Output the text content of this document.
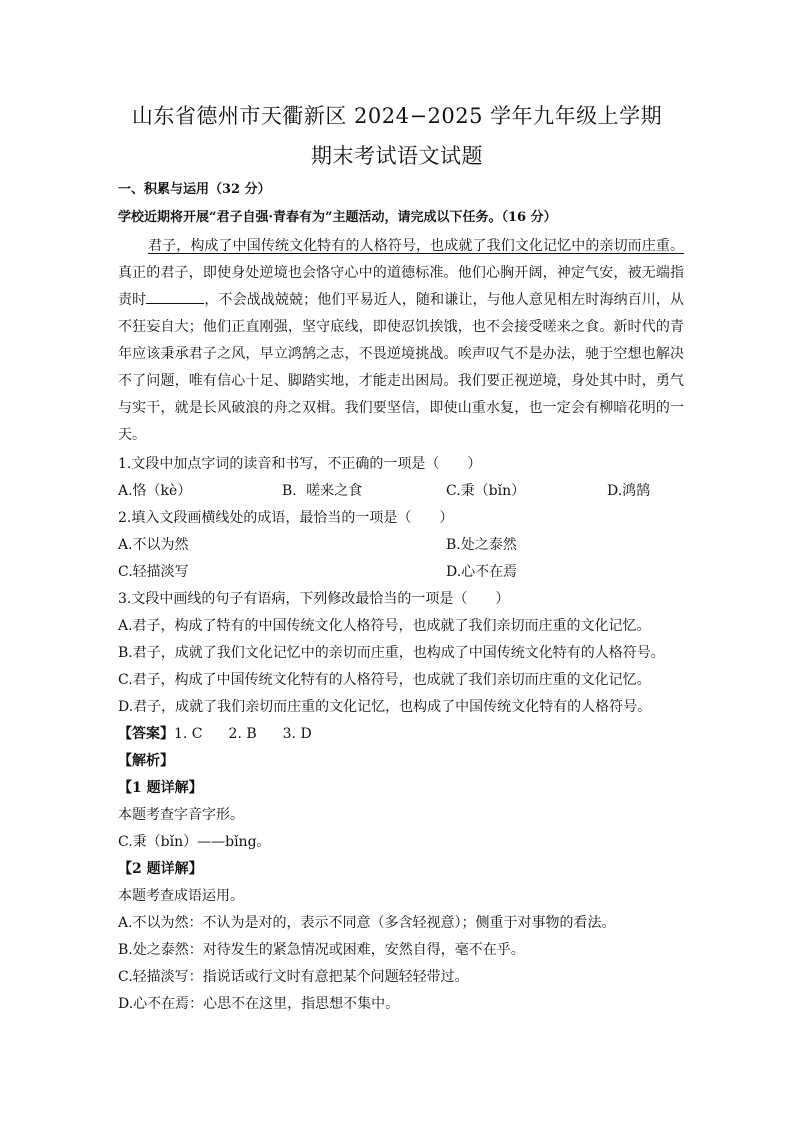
山东省德州市天衢新区 2024−2025 学年九年级上学期
期末考试语文试题
一、积累与运用（32 分）
学校近期将开展“君子自强·青春有为”主题活动，请完成以下任务。（16 分）

君子，构成了中国传统文化特有的人格符号，也成就了我们文化记忆中的亲切而庄重。真正的君子，即使身处逆境也会恪守心中的道德标准。他们心胸开阔，神定气安，被无端指责时	，不会战战兢兢；他们平易近人，随和谦让，与他人意见相左时海纳百川，从不狂妄自大；他们正直刚强，坚守底线，即使忍饥挨饿，也不会接受嗟来之食。新时代的青年应该秉承君子之风，早立鸿鹄之志，不畏逆境挑战。唉声叹气不是办法，驰于空想也解决不了问题，唯有信心十足、脚踏实地，才能走出困局。我们要正视逆境，身处其中时，勇气与实干，就是长风破浪的舟之双楫。我们要坚信，即使山重水复，也一定会有柳暗花明的一天。

1.文段中加点字词的读音和书写，不正确的一项是（　　）
A.恪（kè）	B．嗟来之食	C.秉（bǐn）	D.鸿鹄
2.填入文段画横线处的成语，最恰当的一项是（　　）
A.不以为然	B.处之泰然
C.轻描淡写	D.心不在焉
3.文段中画线的句子有语病，下列修改最恰当的一项是（　　）
A.君子，构成了特有的中国传统文化人格符号，也成就了我们亲切而庄重的文化记忆。
B.君子，成就了我们文化记忆中的亲切而庄重，也构成了中国传统文化特有的人格符号。
C.君子，构成了中国传统文化特有的人格符号，也成就了我们亲切而庄重的文化记忆。
D.君子，成就了我们亲切而庄重的文化记忆，也构成了中国传统文化特有的人格符号。
【答案】1. C 2. B 3. D
【解析】
【1 题详解】
本题考查字音字形。
C.秉（bǐn）——bǐng。
【2 题详解】
本题考查成语运用。
A.不以为然：不认为是对的，表示不同意（多含轻视意）；侧重于对事物的看法。
B.处之泰然：对待发生的紧急情况或困难，安然自得，毫不在乎。
C.轻描淡写：指说话或行文时有意把某个问题轻轻带过。
D.心不在焉：心思不在这里，指思想不集中。
